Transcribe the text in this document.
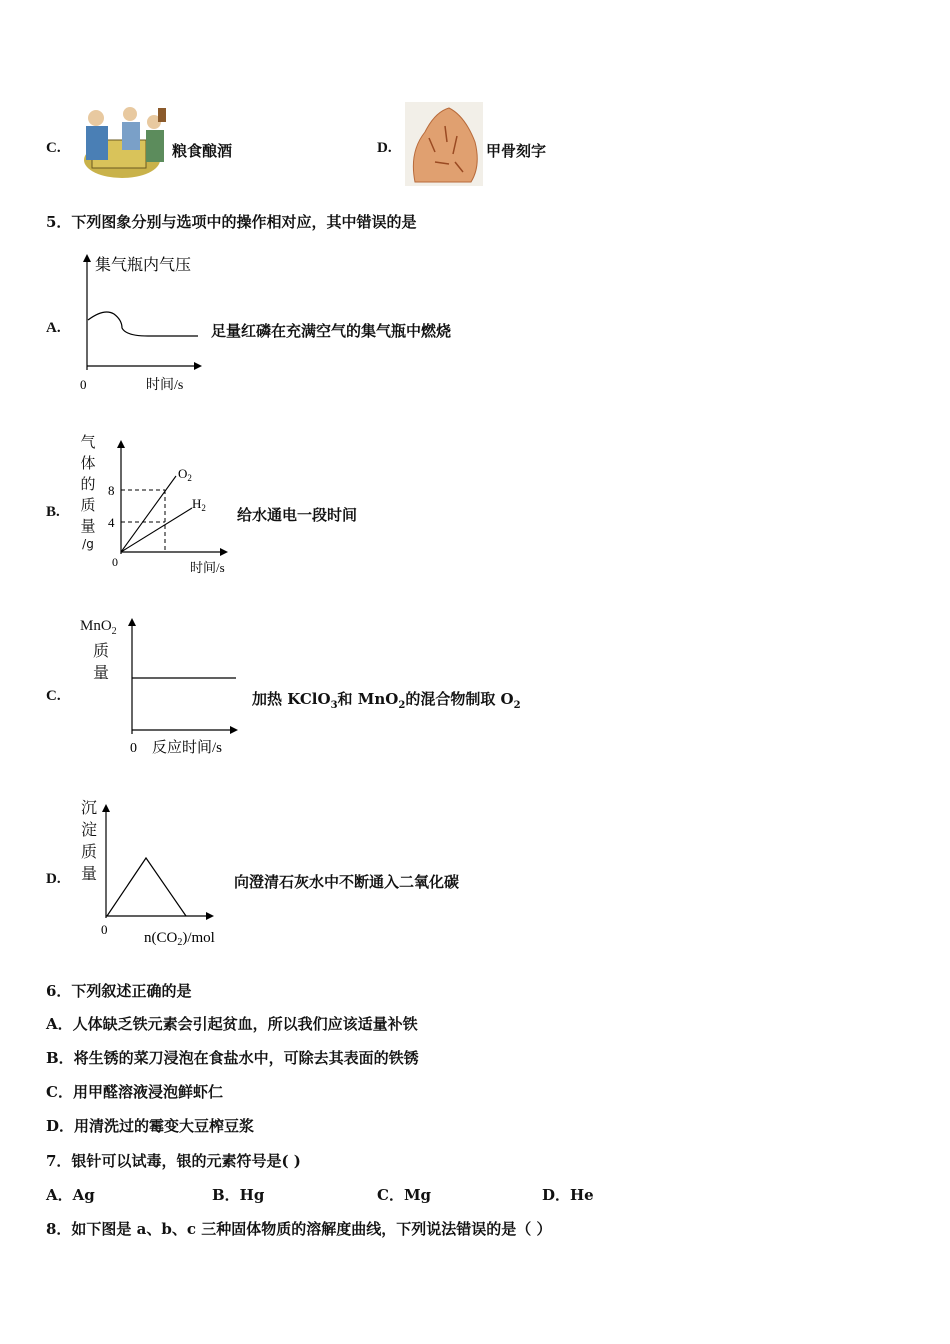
C.	粮食酿酒	D.	甲骨刻字
5．下列图象分别与选项中的操作相对应，其中错误的是
A.
集气瓶内气压
0	时间/s
足量红磷在充满空气的集气瓶中燃烧
B.
气
体
的
质
量
/g
8
4
0
$O_2$
$H_2$
时间/s
给水通电一段时间
C.
MnO$_2$
质
量
0 反应时间/s
加热 KClO$_3$和 MnO$_2$的混合物制取 $O_2$
D.
沉
淀
质
量
0
$n(CO_2)$/mol
向澄清石灰水中不断通入二氧化碳
6．下列叙述正确的是
A．人体缺乏铁元素会引起贫血，所以我们应该适量补铁
B．将生锈的菜刀浸泡在食盐水中，可除去其表面的铁锈
C．用甲醛溶液浸泡鲜虾仁
D．用清洗过的霉变大豆榨豆浆
7．银针可以试毒，银的元素符号是( )
A．Ag	B．Hg	C．Mg	D．He
8．如下图是 a、b、c 三种固体物质的溶解度曲线，下列说法错误的是（ ）
